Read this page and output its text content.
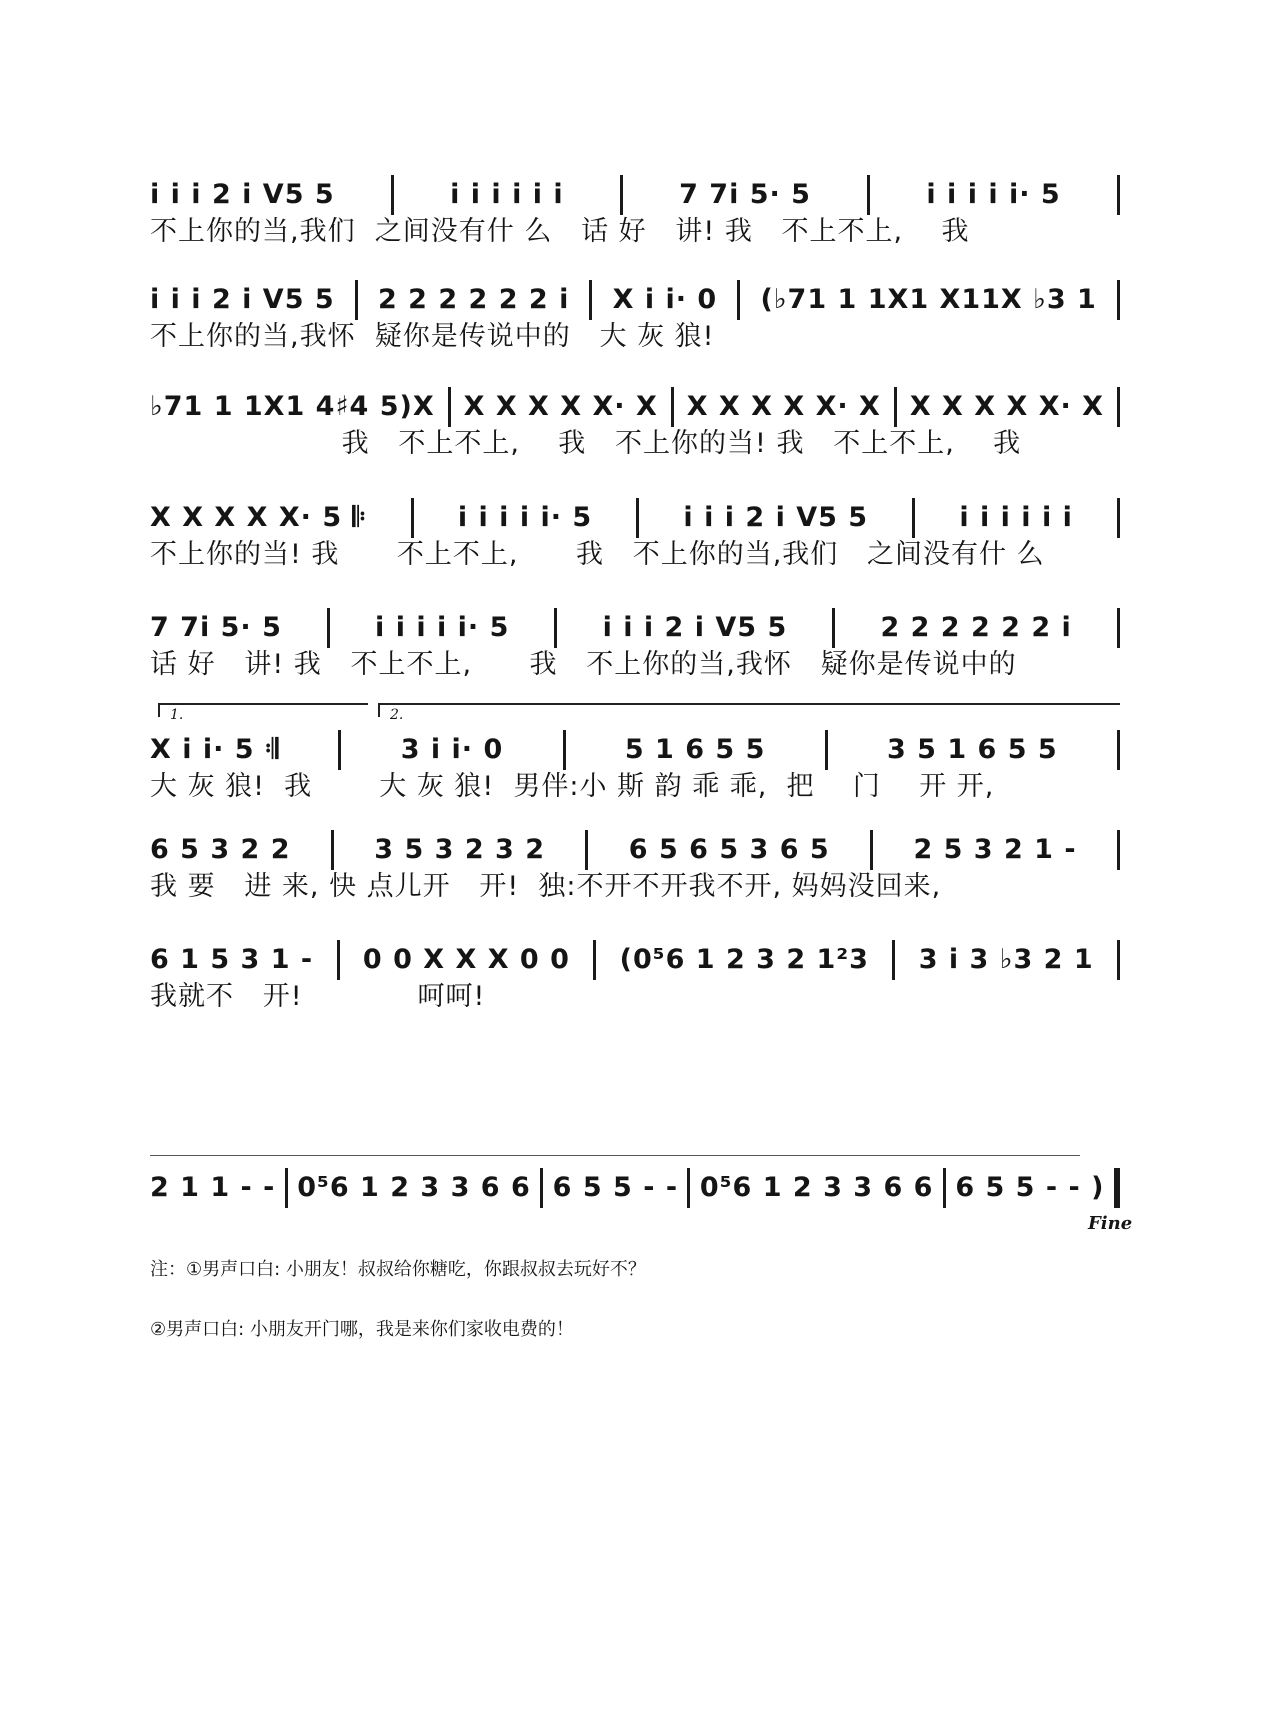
i i i 2 i V5 5	i i i i i i	7 7i 5· 5	i i i i i· 5
不上你的当,我们  之间没有什 么   话 好   讲! 我   不上不上,    我
i i i 2 i V5 5 2 2 2 2 2 2 i X i i· 0 (♭71 1 1X1 X11X ♭3 1
不上你的当,我怀  疑你是传说中的   大 灰 狼!
♭71 1 1X1 4♯4 5)X X X X X X· X X X X X X· X X X X X X· X
我   不上不上,    我   不上你的当! 我   不上不上,    我
X X X X X· 5 𝄆	i i i i i· 5	i i i 2 i V5 5	i i i i i i
不上你的当! 我      不上不上,      我   不上你的当,我们   之间没有什 么
7 7i 5· 5	i i i i i· 5	i i i 2 i V5 5	2 2 2 2 2 2 i
话 好   讲! 我   不上不上,      我   不上你的当,我怀   疑你是传说中的
1.	2.
X i i· 5 𝄇	3 i i· 0	5 1 6 5 5	3 5 1 6 5 5
大 灰 狼!  我       大 灰 狼!  男伴:小 斯 韵 乖 乖,  把    门    开 开,
6 5 3 2 2	3 5 3 2 3 2	6 5 6 5 3 6 5	2 5 3 2 1 -
我 要   进 来, 快 点儿开   开!  独:不开不开我不开, 妈妈没回来,
6 1 5 3 1 - 0 0 X X X 0 0 (0⁵6 1 2 3 2 1²3 3 i 3 ♭3 2 1
我就不   开!            呵呵!
2 1 1 - - 0⁵6 1 2 3 3 6 6 6 5 5 - - 0⁵6 1 2 3 3 6 6 6 5 5 - - )
Fine
注：①男声口白: 小朋友！叔叔给你糖吃，你跟叔叔去玩好不？
②男声口白: 小朋友开门哪，我是来你们家收电费的！
